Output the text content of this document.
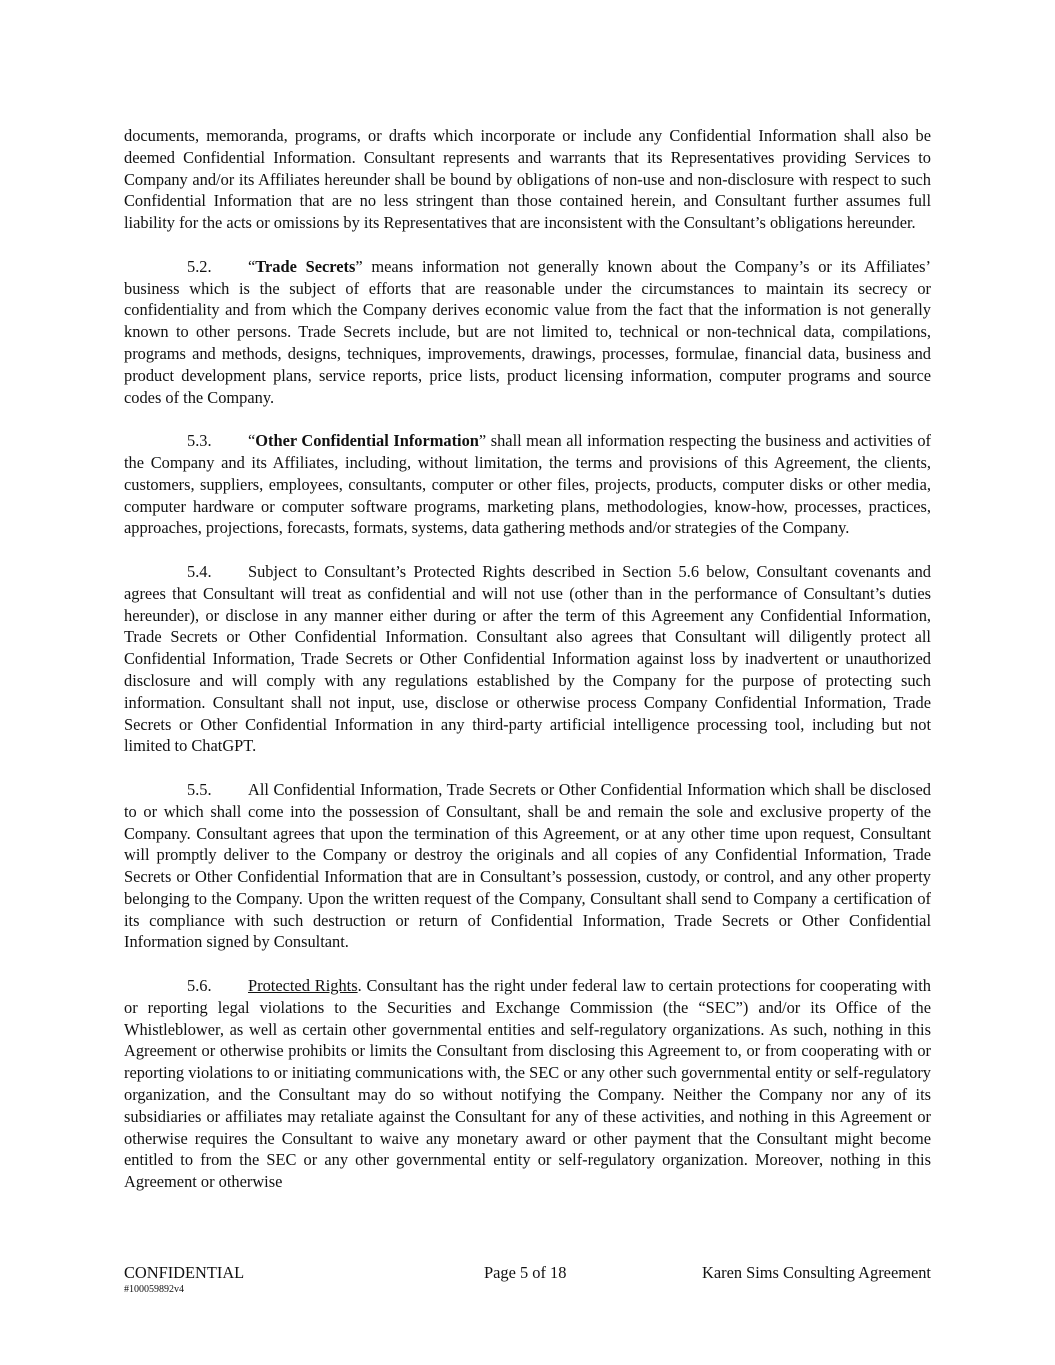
documents, memoranda, programs, or drafts which incorporate or include any Confidential Information shall also be deemed Confidential Information. Consultant represents and warrants that its Representatives providing Services to Company and/or its Affiliates hereunder shall be bound by obligations of non-use and non-disclosure with respect to such Confidential Information that are no less stringent than those contained herein, and Consultant further assumes full liability for the acts or omissions by its Representatives that are inconsistent with the Consultant’s obligations hereunder.

5.2. “Trade Secrets” means information not generally known about the Company’s or its Affiliates’ business which is the subject of efforts that are reasonable under the circumstances to maintain its secrecy or confidentiality and from which the Company derives economic value from the fact that the information is not generally known to other persons. Trade Secrets include, but are not limited to, technical or non-technical data, compilations, programs and methods, designs, techniques, improvements, drawings, processes, formulae, financial data, business and product development plans, service reports, price lists, product licensing information, computer programs and source codes of the Company.

5.3. “Other Confidential Information” shall mean all information respecting the business and activities of the Company and its Affiliates, including, without limitation, the terms and provisions of this Agreement, the clients, customers, suppliers, employees, consultants, computer or other files, projects, products, computer disks or other media, computer hardware or computer software programs, marketing plans, methodologies, know-how, processes, practices, approaches, projections, forecasts, formats, systems, data gathering methods and/or strategies of the Company.

5.4. Subject to Consultant’s Protected Rights described in Section 5.6 below, Consultant covenants and agrees that Consultant will treat as confidential and will not use (other than in the performance of Consultant’s duties hereunder), or disclose in any manner either during or after the term of this Agreement any Confidential Information, Trade Secrets or Other Confidential Information. Consultant also agrees that Consultant will diligently protect all Confidential Information, Trade Secrets or Other Confidential Information against loss by inadvertent or unauthorized disclosure and will comply with any regulations established by the Company for the purpose of protecting such information. Consultant shall not input, use, disclose or otherwise process Company Confidential Information, Trade Secrets or Other Confidential Information in any third-party artificial intelligence processing tool, including but not limited to ChatGPT.

5.5. All Confidential Information, Trade Secrets or Other Confidential Information which shall be disclosed to or which shall come into the possession of Consultant, shall be and remain the sole and exclusive property of the Company. Consultant agrees that upon the termination of this Agreement, or at any other time upon request, Consultant will promptly deliver to the Company or destroy the originals and all copies of any Confidential Information, Trade Secrets or Other Confidential Information that are in Consultant’s possession, custody, or control, and any other property belonging to the Company. Upon the written request of the Company, Consultant shall send to Company a certification of its compliance with such destruction or return of Confidential Information, Trade Secrets or Other Confidential Information signed by Consultant.

5.6. Protected Rights. Consultant has the right under federal law to certain protections for cooperating with or reporting legal violations to the Securities and Exchange Commission (the “SEC”) and/or its Office of the Whistleblower, as well as certain other governmental entities and self-regulatory organizations. As such, nothing in this Agreement or otherwise prohibits or limits the Consultant from disclosing this Agreement to, or from cooperating with or reporting violations to or initiating communications with, the SEC or any other such governmental entity or self-regulatory organization, and the Consultant may do so without notifying the Company. Neither the Company nor any of its subsidiaries or affiliates may retaliate against the Consultant for any of these activities, and nothing in this Agreement or otherwise requires the Consultant to waive any monetary award or other payment that the Consultant might become entitled to from the SEC or any other governmental entity or self-regulatory organization. Moreover, nothing in this Agreement or otherwise

CONFIDENTIAL	Page 5 of 18	Karen Sims Consulting Agreement
#100059892v4
